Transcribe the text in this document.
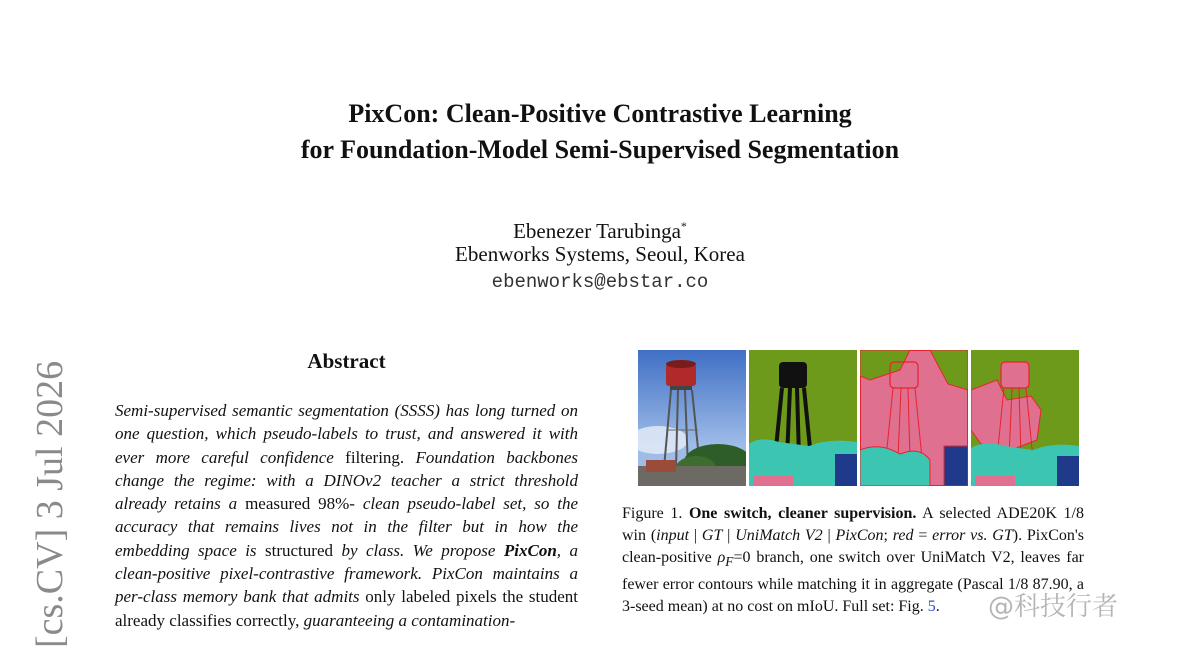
PixCon: Clean-Positive Contrastive Learning
for Foundation-Model Semi-Supervised Segmentation
Ebenezer Tarubinga*
Ebenworks Systems, Seoul, Korea
ebenworks@ebstar.co
[cs.CV] 3 Jul 2026	Abstract
Semi-supervised semantic segmentation (SSSS) has long turned on one question, which pseudo-labels to trust, and answered it with ever more careful confidence filtering. Foundation backbones change the regime: with a DINOv2 teacher a strict threshold already retains a measured 98%- clean pseudo-label set, so the accuracy that remains lives not in the filter but in how the embedding space is structured by class. We propose PixCon, a clean-positive pixel-contrastive framework. PixCon maintains a per-class memory bank that admits only labeled pixels the student already classifies correctly, guaranteeing a contamination-
Figure 1. One switch, cleaner supervision. A selected ADE20K 1/8 win (input | GT | UniMatch V2 | PixCon; red = error vs. GT). PixCon's clean-positive $\rho_F=0$ branch, one switch over UniMatch V2, leaves far fewer error contours while matching it in aggregate (Pascal 1/8 87.90, a 3-seed mean) at no cost on mIoU. Full set: Fig. 5.	@科技行者
